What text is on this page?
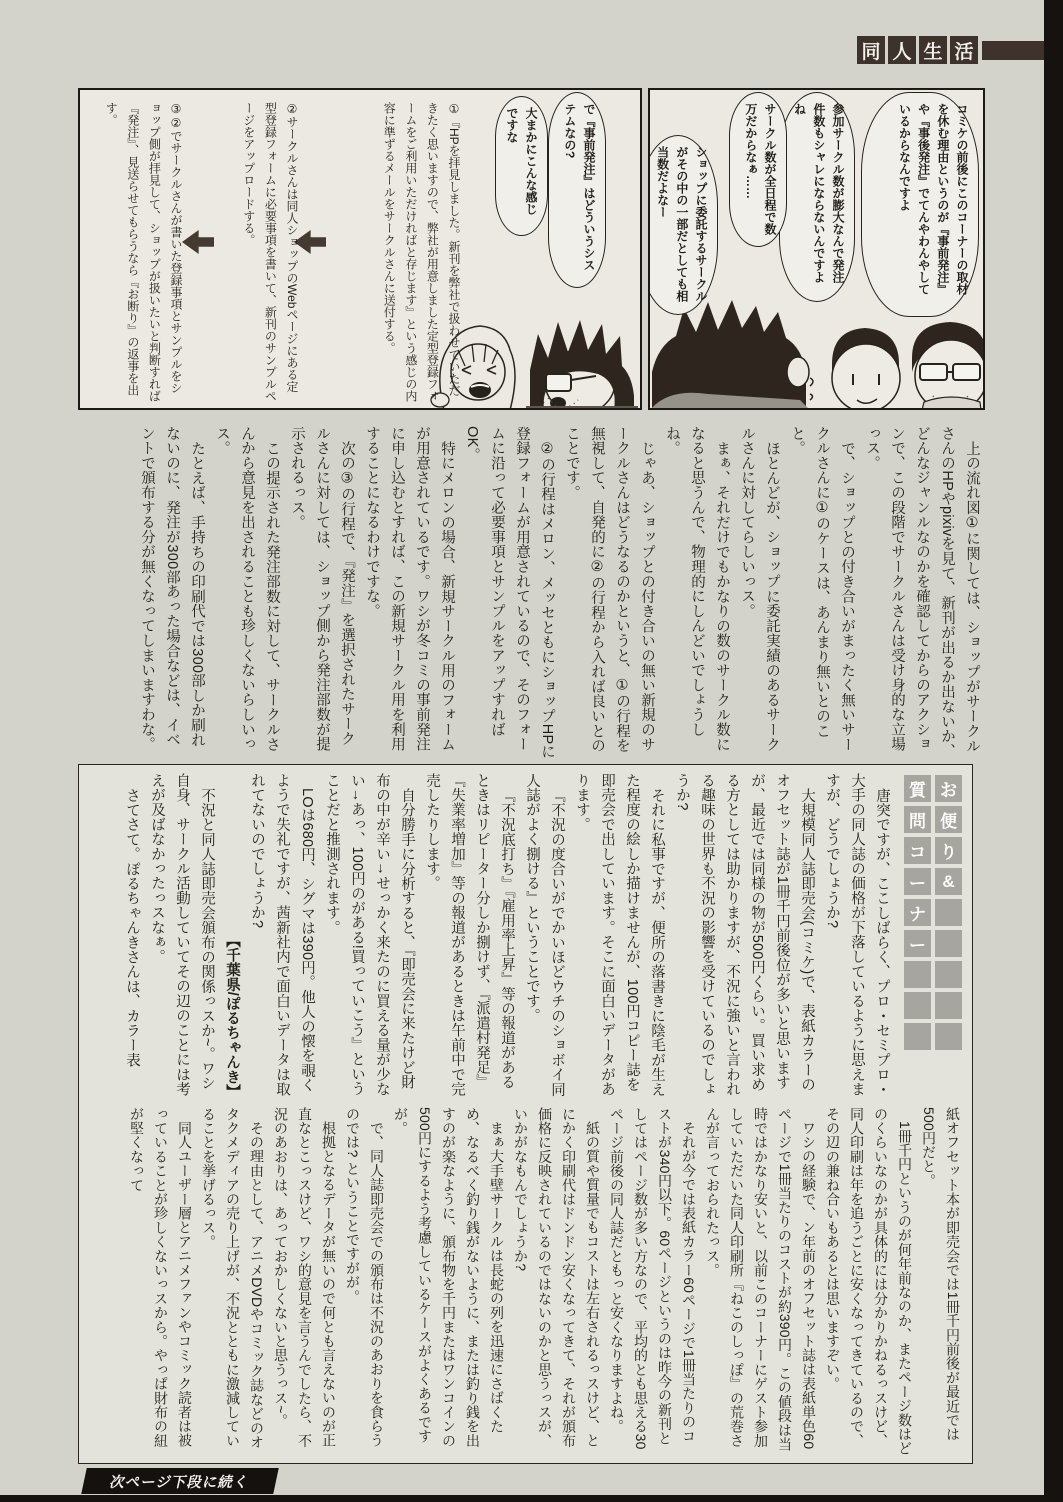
同 人 生 活
コミケの前後にこのコーナーの取材を休む理由というのが『事前発注』や『事後発注』でてんやわんやしているからなんですよ
参加サークル数が膨大なんで発注件数もシャレにならないんですよね
サークル数が全日程で数万だからなぁ……
ショップに委託するサークルがその中の一部だとしても相当数だよなー
で『事前発注』はどういうシステムなの?
大まかにこんな感じですな
①『HPを拝見しました。新刊を弊社で扱わせていただきたく思いますので、弊社が用意しました定型登録フォームをご利用いただければと存じます』という感じの内容に準ずるメールをサークルさんに送付する。
②サークルさんは同人ショップのWebページにある定型登録フォームに必要事項を書いて、新刊のサンプルページをアップロードする。
③②でサークルさんが書いた登録事項とサンプルをショップ側が拝見して、ショップが扱いたいと判断すれば『発注』、見送らせてもらうなら『お断り』の返事を出す。

上の流れ図①に関しては、ショップがサークルさんのHPやpixivを見て、新刊が出るか出ないか、どんなジャンルなのかを確認してからのアクションで、この段階でサークルさんは受け身的な立場っス。

で、ショップとの付き合いがまったく無いサークルさんに①のケースは、あんまり無いとのこと。

ほとんどが、ショップに委託実績のあるサークルさんに対してらしいっス。

まぁ、それだけでもかなりの数のサークル数になると思うんで、物理的にしんどいでしょうしね。

じゃあ、ショップとの付き合いの無い新規のサークルさんはどうなるのかというと、①の行程を無視して、自発的に②の行程から入れば良いとのことです。

②の行程はメロン、メッセともにショップHPに登録フォームが用意されているので、そのフォームに沿って必要事項とサンプルをアップすればOK。

特にメロンの場合、新規サークル用のフォームが用意されているです。ワシが冬コミの事前発注に申し込むとすれば、この新規サークル用を利用することになるわけですな。

次の③の行程で、『発注』を選択されたサークルさんに対しては、ショップ側から発注部数が提示されるっス。

この提示された発注部数に対して、サークルさんから意見を出されることも珍しくないらしいっス。

たとえば、手持ちの印刷代では300部しか刷れないのに、発注が300部あった場合などは、イベントで頒布する分が無くなってしまいますわな。

お
便
り
&
質
問
コ
ー
ナ
ー

唐突ですが、ここしばらく、プロ・セミプロ・大手の同人誌の価格が下落しているように思えますが、どうでしょうか?

大規模同人誌即売会(コミケ)で、表紙カラーのオフセット誌が1冊千円前後位が多いと思いますが、最近では同様の物が500円くらい。買い求める方としては助かりますが、不況に強いと言われる趣味の世界も不況の影響を受けているのでしょうか?

それに私事ですが、便所の落書きに陰毛が生えた程度の絵しか描けませんが、100円コピー誌を即売会で出しています。そこに面白いデータがあります。

『不況の度合いがでかいほどウチのショボイ同人誌がよく捌ける』ということです。

『不況底打ち』『雇用率上昇』等の報道があるときはリピーター分しか捌けず、『派遣村発足』『失業率増加』等の報道があるときは午前中で完売したりします。

自分勝手に分析すると、『即売会に来たけど財布の中が辛い→せっかく来たのに買える量が少ない→あっ、100円のがある!買っていこう』ということだと推測されます。

LOは680円、シグマは390円。他人の懐を覗くようで失礼ですが、茜新社内で面白いデータは取れてないのでしょうか?

【千葉県/ぽるちゃんき】

不況と同人誌即売会頒布の関係っスか~。ワシ自身、サークル活動していてその辺のことには考えが及ばなかったっスなぁ。

さてさて。ぽるちゃんきさんは、カラー表

紙オフセット本が即売会では1冊千円前後が最近では500円だと。

1冊千円というのが何年前なのか、またページ数はどのくらいなのかが具体的には分かりかねるっスけど、同人印刷は年を追うごとに安くなってきているので、その辺の兼ね合いもあるとは思いますぞい。

ワシの経験で、ン年前のオフセット誌は表紙単色60ページで1冊当たりのコストが約390円。この値段は当時ではかなり安いと、以前このコーナーにゲスト参加していただいた同人印刷所『ねこのしっぽ』の荒巻さんが言っておられたっス。

それが今では表紙カラー60ページで1冊当たりのコストが340円以下。60ページというのは昨今の新刊としてはページ数が多い方なので、平均的とも思える30ページ前後の同人誌だともっと安くなりますよね。

紙の質や質量でもコストは左右されるっスけど、とにかく印刷代はドンドン安くなってきて、それが頒布価格に反映されているのではないのかと思うっスが、いかがなもんでしょうか?

まぁ大手壁サークルは長蛇の列を迅速にさばくため、なるべく釣り銭がないように、または釣り銭を出すのが楽なように、頒布物を千円またはワンコインの500円にするよう考慮しているケースがよくあるですが。

で、同人誌即売会での頒布は不況のあおりを食らうのでは? ということですがが。

根拠となるデータが無いので何とも言えないのが正直なとこっスけど、ワシ的意見を言うんでしたら、不況のあおりは、あっておかしくないと思うっス~。

その理由として、アニメDVDやコミック誌などのオタクメディアの売り上げが、不況とともに激減していることを挙げるっス。

同人ユーザー層とアニメファンやコミック読者は被っていることが珍しくないっスから。やっぱ財布の紐が堅くなって

次ページ下段に続く
